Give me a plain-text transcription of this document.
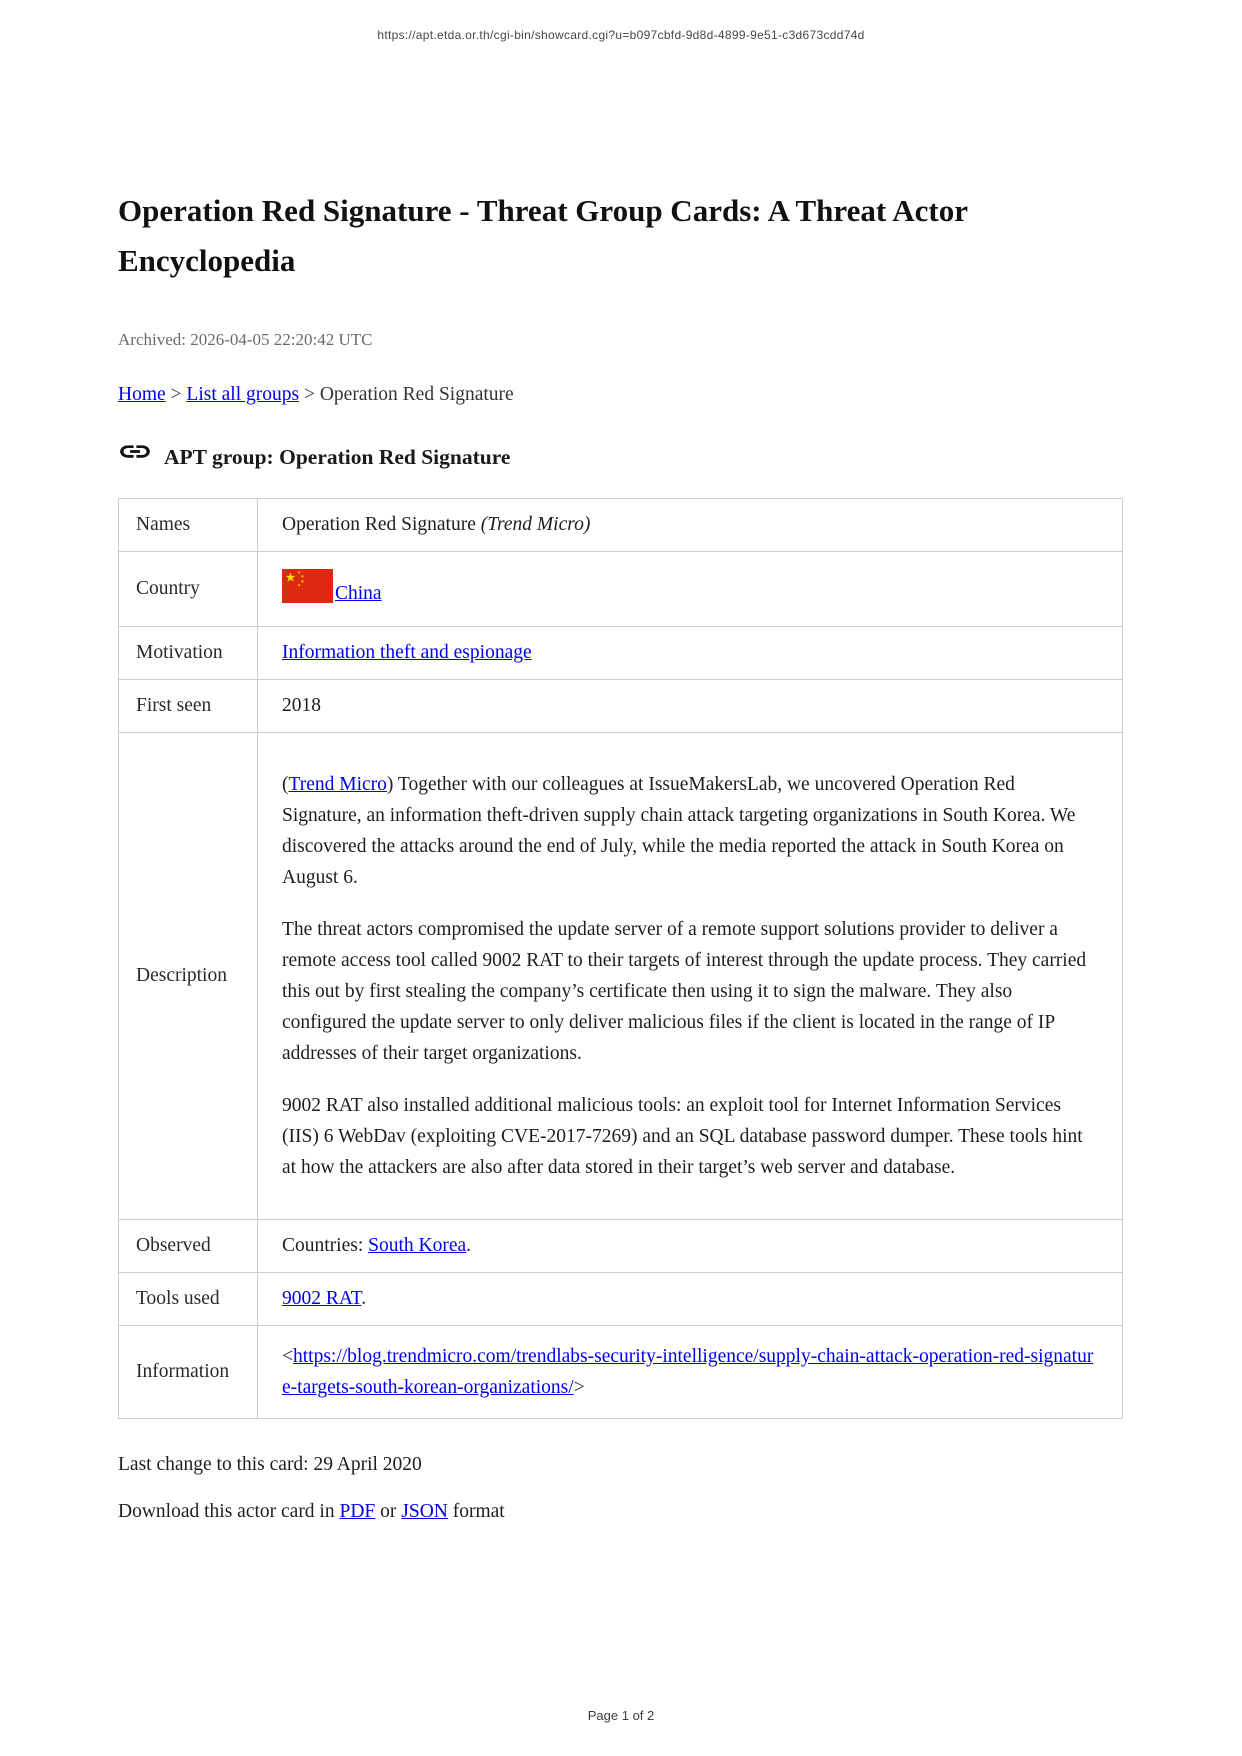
https://apt.etda.or.th/cgi-bin/showcard.cgi?u=b097cbfd-9d8d-4899-9e51-c3d673cdd74d
Operation Red Signature - Threat Group Cards: A Threat Actor Encyclopedia
Archived: 2026-04-05 22:20:42 UTC
Home > List all groups > Operation Red Signature
APT group: Operation Red Signature
Names	Operation Red Signature (Trend Micro)
Country	China

Motivation	Information theft and espionage
First seen	2018
Description	(Trend Micro) Together with our colleagues at IssueMakersLab, we uncovered Operation Red Signature, an information theft-driven supply chain attack targeting organizations in South Korea. We discovered the attacks around the end of July, while the media reported the attack in South Korea on August 6.

The threat actors compromised the update server of a remote support solutions provider to deliver a remote access tool called 9002 RAT to their targets of interest through the update process. They carried this out by first stealing the company’s certificate then using it to sign the malware. They also configured the update server to only deliver malicious files if the client is located in the range of IP addresses of their target organizations.

9002 RAT also installed additional malicious tools: an exploit tool for Internet Information Services (IIS) 6 WebDav (exploiting CVE-2017-7269) and an SQL database password dumper. These tools hint at how the attackers are also after data stored in their target’s web server and database.

Observed	Countries: South Korea.
Tools used	9002 RAT.
Information	<https://blog.trendmicro.com/trendlabs-security-intelligence/supply-chain-attack-operation-red-signature-targets-south-korean-organizations/>
Last change to this card: 29 April 2020
Download this actor card in PDF or JSON format
Page 1 of 2
